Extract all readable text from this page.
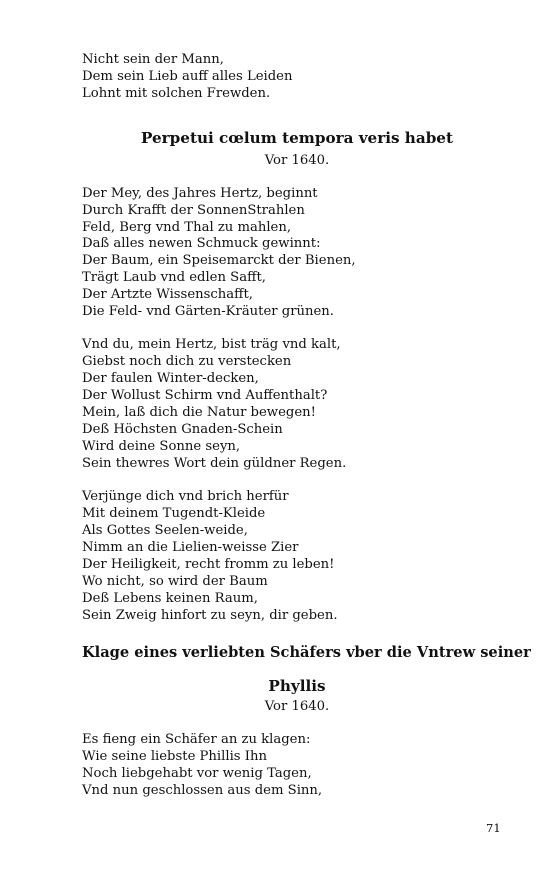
Nicht sein der Mann,
Dem sein Lieb auff alles Leiden
Lohnt mit solchen Frewden.
Perpetui cœlum tempora veris habet
Vor 1640.
Der Mey, des Jahres Hertz, beginnt
Durch Krafft der SonnenStrahlen
Feld, Berg vnd Thal zu mahlen,
Daß alles newen Schmuck gewinnt:
Der Baum, ein Speisemarckt der Bienen,
Trägt Laub vnd edlen Safft,
Der Artzte Wissenschafft,
Die Feld- vnd Gärten-Kräuter grünen.
Vnd du, mein Hertz, bist träg vnd kalt,
Giebst noch dich zu verstecken
Der faulen Winter-decken,
Der Wollust Schirm vnd Auffenthalt?
Mein, laß dich die Natur bewegen!
Deß Höchsten Gnaden-Schein
Wird deine Sonne seyn,
Sein thewres Wort dein güldner Regen.
Verjünge dich vnd brich herfür
Mit deinem Tugendt-Kleide
Als Gottes Seelen-weide,
Nimm an die Lielien-weisse Zier
Der Heiligkeit, recht fromm zu leben!
Wo nicht, so wird der Baum
Deß Lebens keinen Raum,
Sein Zweig hinfort zu seyn, dir geben.
Klage eines verliebten Schäfers vber die Vntrew seiner
Phyllis
Vor 1640.
Es fieng ein Schäfer an zu klagen:
Wie seine liebste Phillis Ihn
Noch liebgehabt vor wenig Tagen,
Vnd nun geschlossen aus dem Sinn,
71
